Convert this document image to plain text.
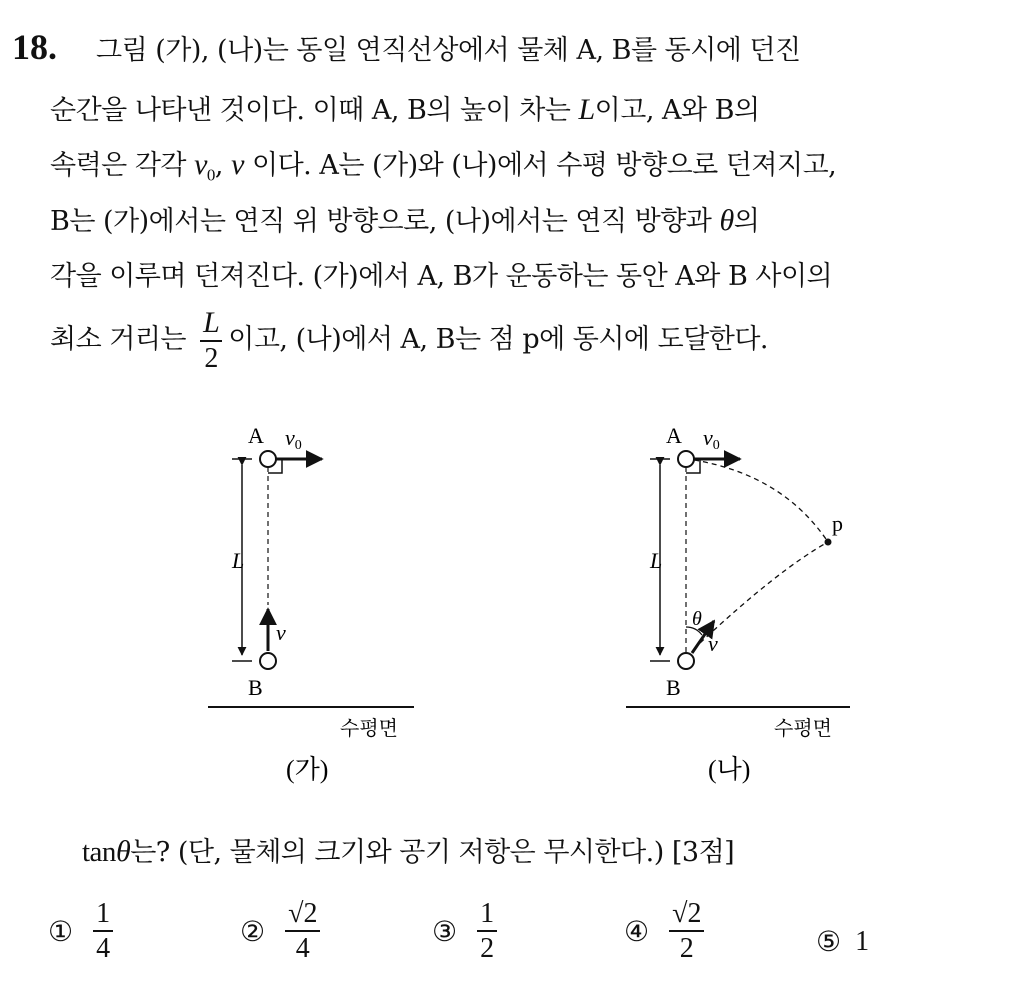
18. 그림 (가), (나)는 동일 연직선상에서 물체 A, B를 동시에 던진
순간을 나타낸 것이다. 이때 A, B의 높이 차는 L이고, A와 B의
속력은 각각 $v_0$, v 이다. A는 (가)와 (나)에서 수평 방향으로 던져지고,
B는 (가)에서는 연직 위 방향으로, (나)에서는 연직 방향과 θ의
각을 이루며 던져진다. (가)에서 A, B가 운동하는 동안 A와 B 사이의
최소 거리는 $\frac{L}{2}$ 이고, (나)에서 A, B는 점 p에 동시에 도달한다.
A v0
L
v
B
수평면
(가)
A v0
p
L
θ
v
B
수평면
(나)
tanθ는? (단, 물체의 크기와 공기 저항은 무시한다.) [3점]
① $\frac{1}{4}$	② $\frac{√2}{4}$	③ $\frac{1}{2}$	④ $\frac{√2}{2}$	⑤ 1
